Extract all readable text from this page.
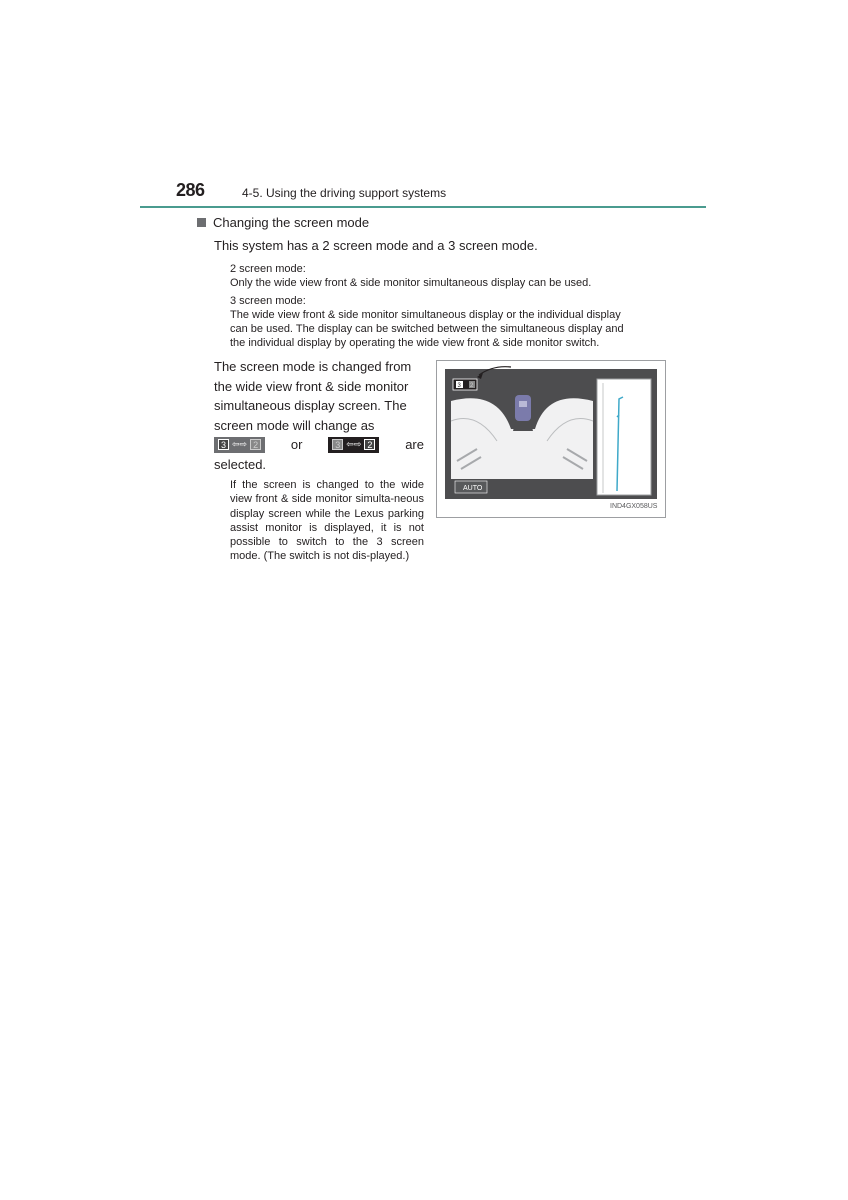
286	4-5. Using the driving support systems
Changing the screen mode
This system has a 2 screen mode and a 3 screen mode.

2 screen mode:

Only the wide view front & side monitor simultaneous display can be used.

3 screen mode:

The wide view front & side monitor simultaneous display or the individual display

can be used. The display can be switched between the simultaneous display and

the individual display by operating the wide view front & side monitor switch.

The screen mode is changed from

the wide view front & side monitor

simultaneous display screen. The

screen mode will change as

3 ⇦⇨ 2	or	3 ⇦⇨ 2	are

selected.

If the screen is changed to the wide view front & side monitor simulta-neous display screen while the Lexus parking assist monitor is displayed, it is not possible to switch to the 3 screen mode. (The switch is not dis-played.)
3 2
AUTO
IND4GX058US
